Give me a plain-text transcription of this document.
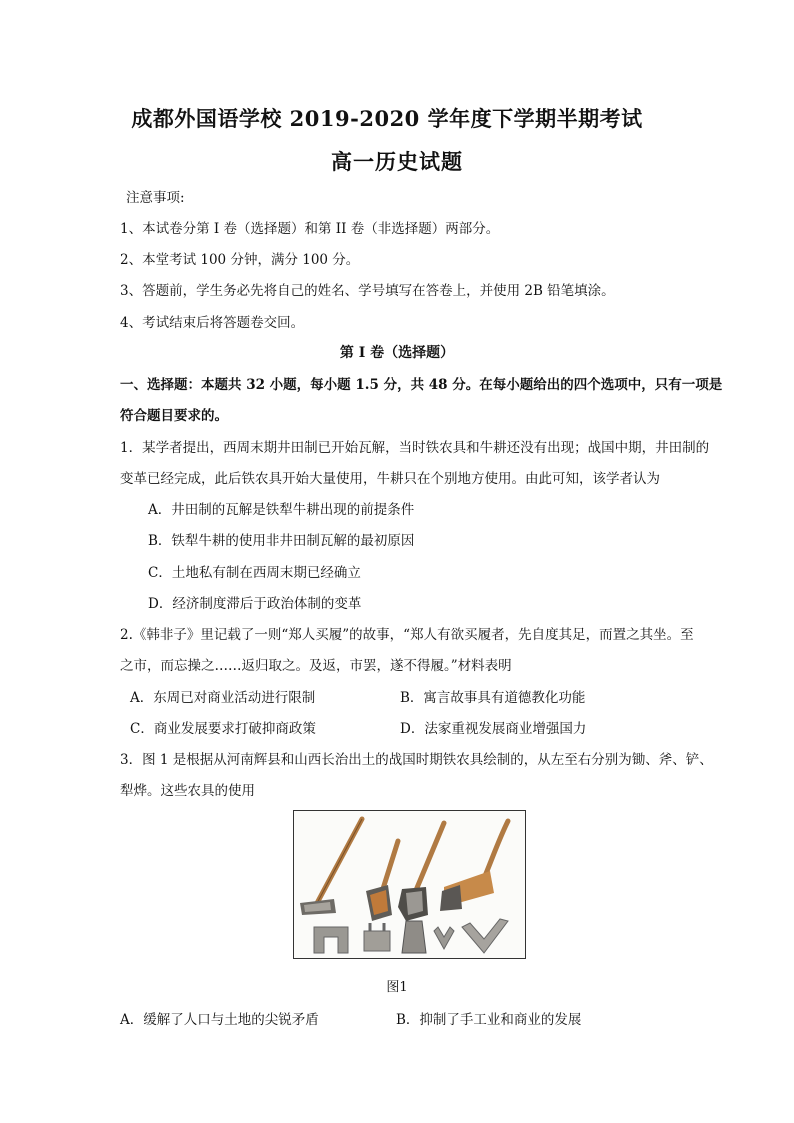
成都外国语学校 2019-2020 学年度下学期半期考试
高一历史试题
注意事项:
1、本试卷分第 I 卷（选择题）和第 II 卷（非选择题）两部分。
2、本堂考试 100 分钟，满分 100 分。
3、答题前，学生务必先将自己的姓名、学号填写在答卷上，并使用 2B 铅笔填涂。
4、考试结束后将答题卷交回。
第 I 卷（选择题）
一、选择题：本题共 32 小题，每小题 1.5 分，共 48 分。在每小题给出的四个选项中，只有一项是
符合题目要求的。
1．某学者提出，西周末期井田制已开始瓦解，当时铁农具和牛耕还没有出现；战国中期，井田制的
变革已经完成，此后铁农具开始大量使用，牛耕只在个别地方使用。由此可知，该学者认为
A．井田制的瓦解是铁犁牛耕出现的前提条件
B．铁犁牛耕的使用非井田制瓦解的最初原因
C．土地私有制在西周末期已经确立
D．经济制度滞后于政治体制的变革
2.《韩非子》里记载了一则“郑人买履”的故事，“郑人有欲买履者，先自度其足，而置之其坐。至
之市，而忘操之……返归取之。及返，市罢，遂不得履。”材料表明
A．东周已对商业活动进行限制	B．寓言故事具有道德教化功能
C．商业发展要求打破抑商政策	D．法家重视发展商业增强国力
3．图 1 是根据从河南辉县和山西长治出土的战国时期铁农具绘制的，从左至右分别为锄、斧、铲、
犁烨。这些农具的使用
图1
A．缓解了人口与土地的尖锐矛盾	B．抑制了手工业和商业的发展
